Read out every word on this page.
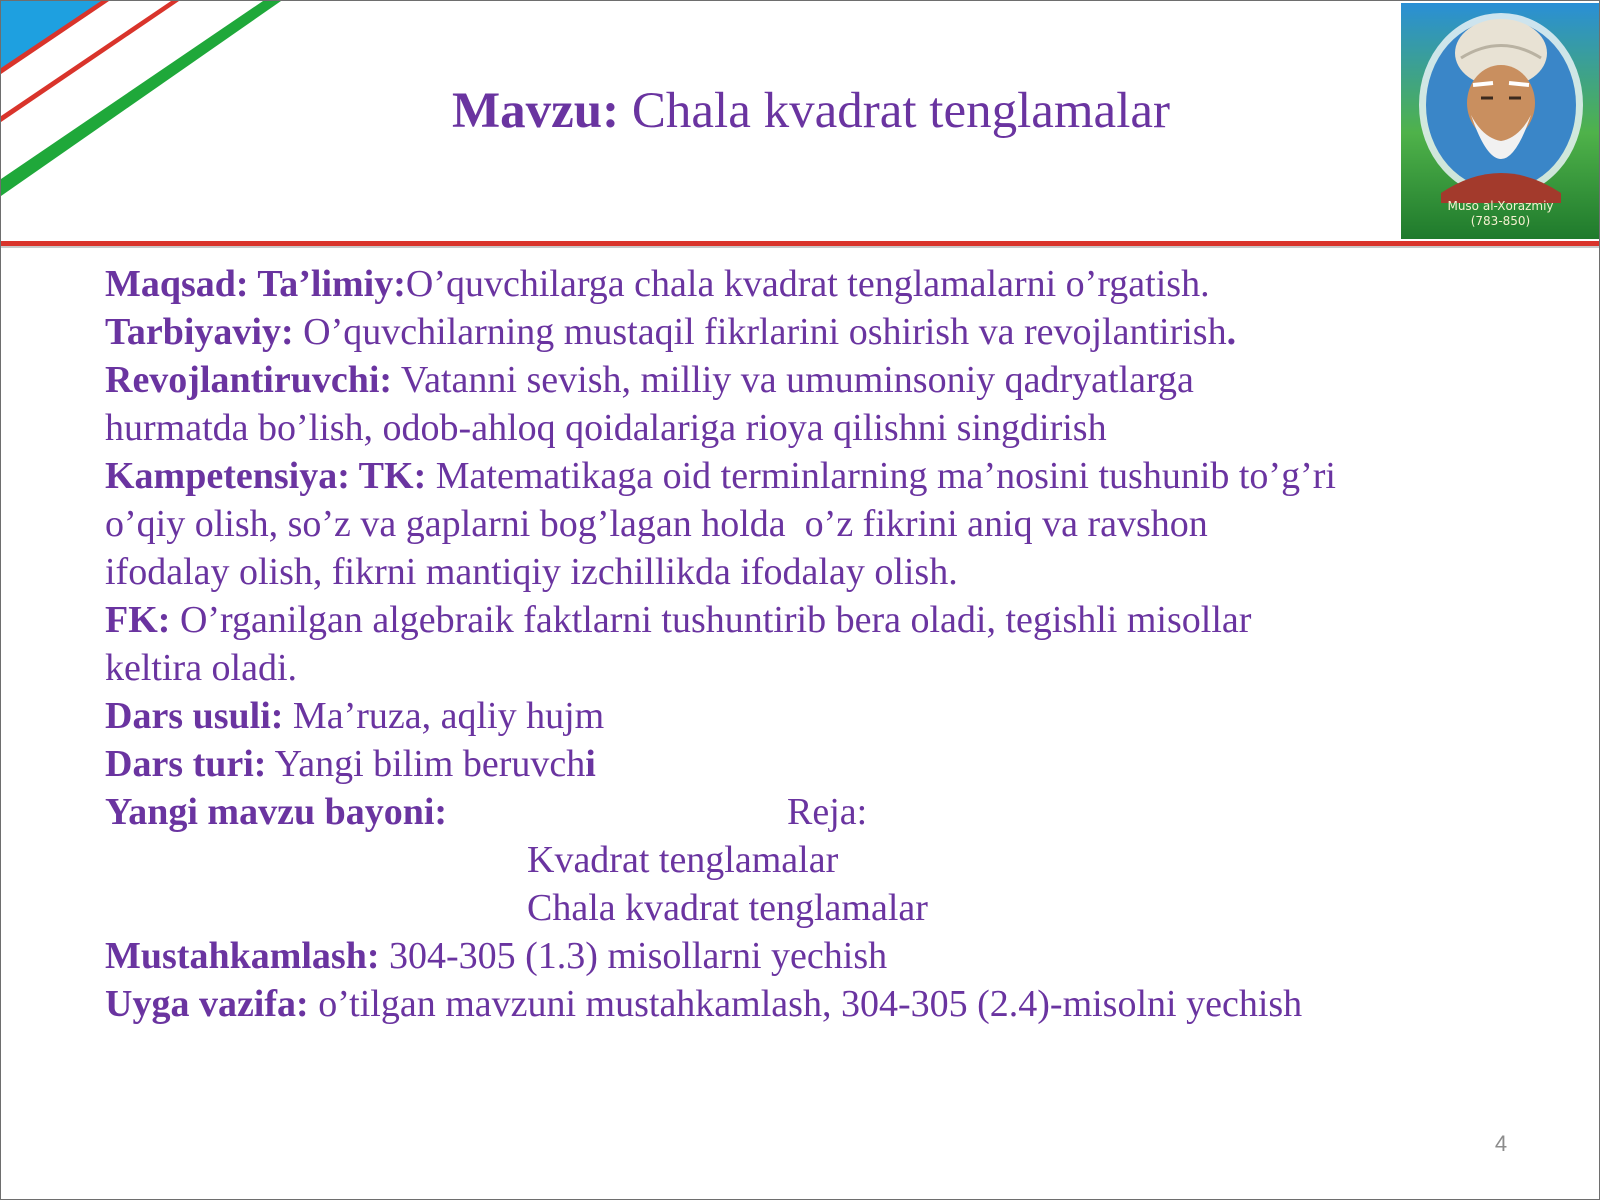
Mavzu: Chala kvadrat tenglamalar
Muso al-Xorazmiy
(783-850)
Maqsad: Ta’limiy:O’quvchilarga chala kvadrat tenglamalarni o’rgatish.
Tarbiyaviy: O’quvchilarning mustaqil fikrlarini oshirish va revojlantirish.
Revojlantiruvchi: Vatanni sevish, milliy va umuminsoniy qadryatlarga
hurmatda bo’lish, odob-ahloq qoidalariga rioya qilishni singdirish
Kampetensiya: TK: Matematikaga oid terminlarning ma’nosini tushunib to’g’ri
o’qiy olish, so’z va gaplarni bog’lagan holda  o’z fikrini aniq va ravshon
ifodalay olish, fikrni mantiqiy izchillikda ifodalay olish.
FK: O’rganilgan algebraik faktlarni tushuntirib bera oladi, tegishli misollar
keltira oladi.
Dars usuli: Ma’ruza, aqliy hujm
Dars turi: Yangi bilim beruvchi
Yangi mavzu bayoni:	Reja:
Kvadrat tenglamalar
Chala kvadrat tenglamalar
Mustahkamlash: 304-305 (1.3) misollarni yechish
Uyga vazifa: o’tilgan mavzuni mustahkamlash, 304-305 (2.4)-misolni yechish
4
